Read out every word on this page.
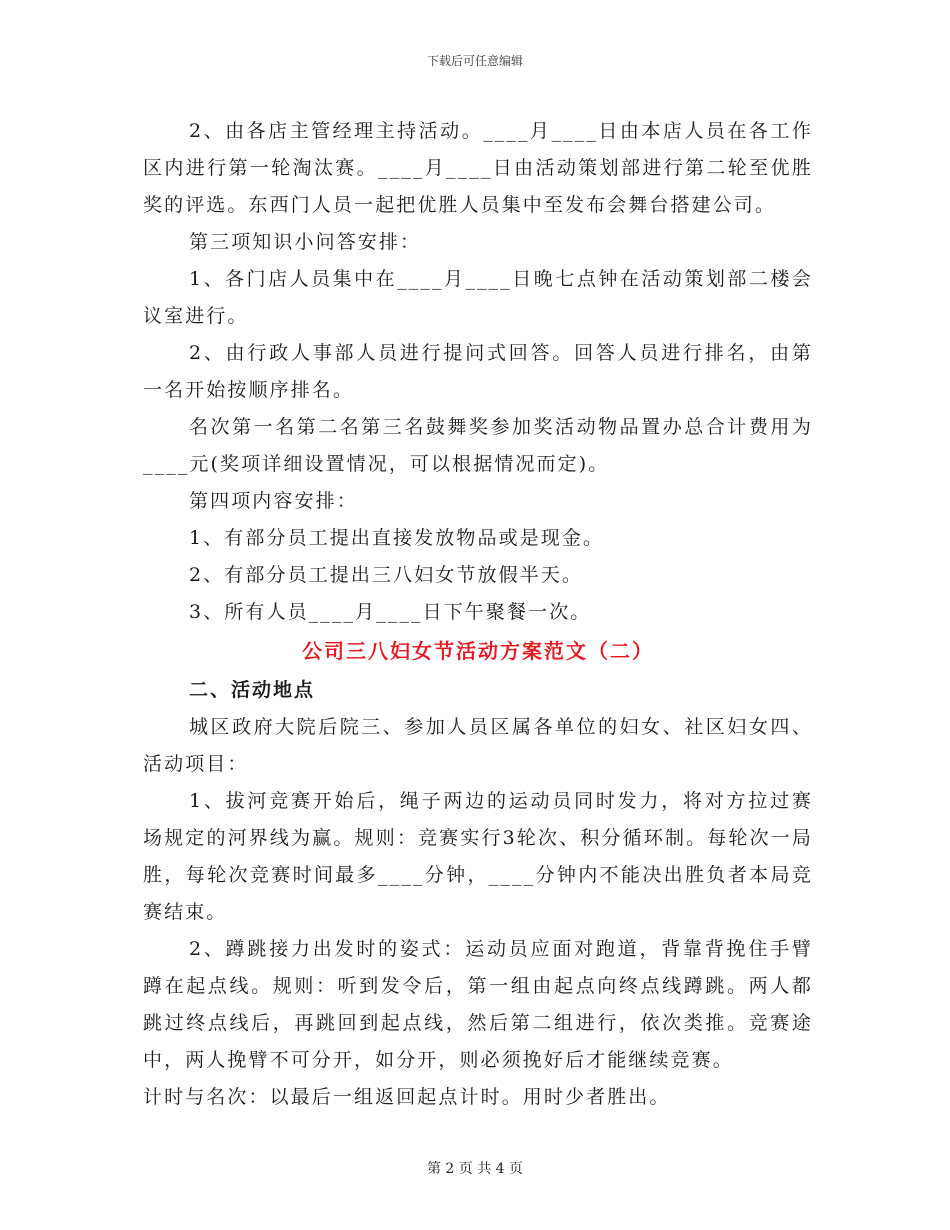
下载后可任意编辑

2、由各店主管经理主持活动。____月____日由本店人员在各工作区内进行第一轮淘汰赛。____月____日由活动策划部进行第二轮至优胜奖的评选。东西门人员一起把优胜人员集中至发布会舞台搭建公司。

第三项知识小问答安排：

1、各门店人员集中在____月____日晚七点钟在活动策划部二楼会议室进行。

2、由行政人事部人员进行提问式回答。回答人员进行排名，由第一名开始按顺序排名。

名次第一名第二名第三名鼓舞奖参加奖活动物品置办总合计费用为____元(奖项详细设置情况，可以根据情况而定)。

第四项内容安排：

1、有部分员工提出直接发放物品或是现金。

2、有部分员工提出三八妇女节放假半天。

3、所有人员____月____日下午聚餐一次。

公司三八妇女节活动方案范文（二）
二、活动地点

城区政府大院后院三、参加人员区属各单位的妇女、社区妇女四、活动项目：

1、拔河竞赛开始后，绳子两边的运动员同时发力，将对方拉过赛场规定的河界线为赢。规则：竞赛实行3轮次、积分循环制。每轮次一局胜，每轮次竞赛时间最多____分钟，____分钟内不能决出胜负者本局竞赛结束。

2、蹲跳接力出发时的姿式：运动员应面对跑道，背靠背挽住手臂蹲在起点线。规则：听到发令后，第一组由起点向终点线蹲跳。两人都跳过终点线后，再跳回到起点线，然后第二组进行，依次类推。竞赛途中，两人挽臂不可分开，如分开，则必须挽好后才能继续竞赛。

计时与名次：以最后一组返回起点计时。用时少者胜出。

第 2 页 共 4 页
